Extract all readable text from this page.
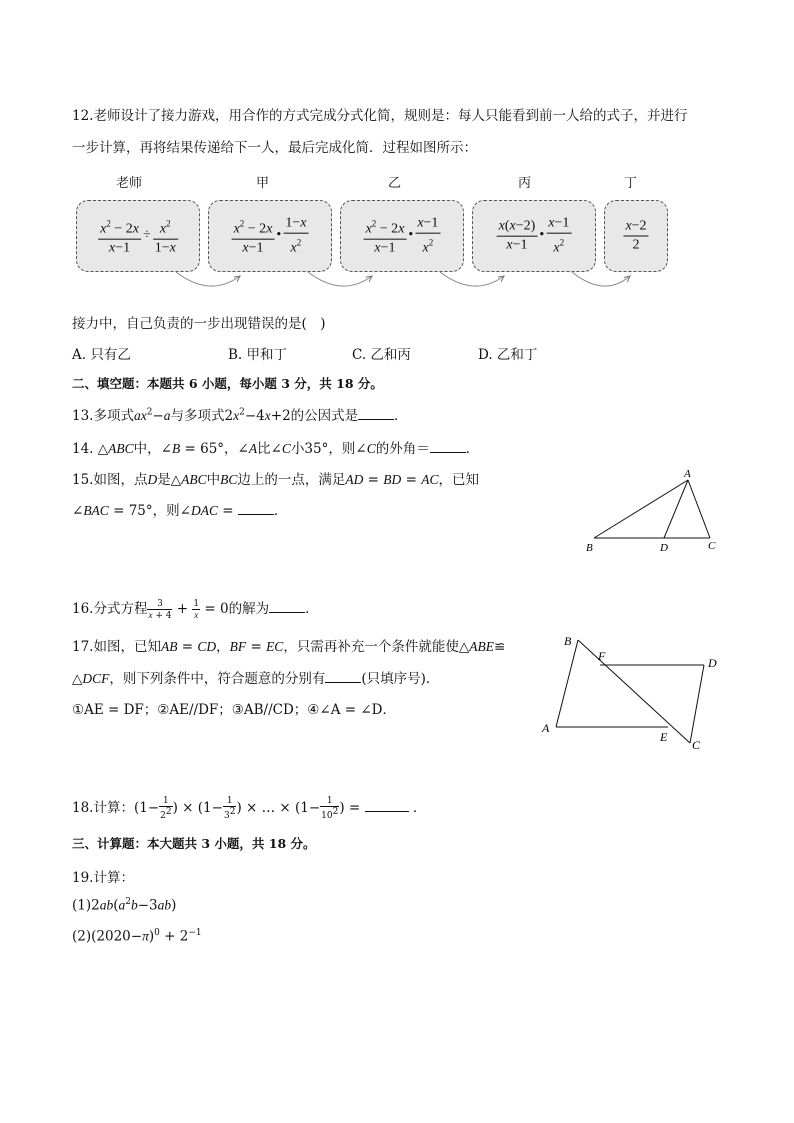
12.老师设计了接力游戏，用合作的方式完成分式化简，规则是：每人只能看到前一人给的式子，并进行
一步计算，再将结果传递给下一人，最后完成化简．过程如图所示：
老师	甲	乙	丙	丁
$\frac{x^2 - 2x}{x-1} \div \frac{x^2}{1-x}$	$\frac{x^2 - 2x}{x-1}$ • $\frac{1-x}{x^2}$	$\frac{x^2 - 2x}{x-1}$ • $\frac{x-1}{x^2}$	$\frac{x(x-2)}{x-1}$ • $\frac{x-1}{x^2}$	$\frac{x-2}{2}$
接力中，自己负责的一步出现错误的是(　)
A. 只有乙	B. 甲和丁	C. 乙和丙	D. 乙和丁
二、填空题：本题共 6 小题，每小题 3 分，共 18 分。
13.多项式$ax^2-a$与多项式$2x^2-4x+2$的公因式是	．
14. △ABC中，∠B = 65°，∠A比∠C小35°，则∠C的外角＝	．
15.如图，点D是△ABC中BC边上的一点，满足AD = BD = AC，已知
∠BAC = 75°，则∠DAC =	．
A
B	D	C
16.分式方程 $\frac{3}{x + 4} + \frac{1}{x} = 0$的解为	．
17.如图，已知AB = CD，BF = EC，只需再补充一个条件就能使△ABE≌
△DCF，则下列条件中，符合题意的分别有	(只填序号)．
①AE = DF；②AE//DF；③AB//CD；④∠A = ∠D．
B
F	D
A
E
C
18.计算：($1- \frac{1}{2^2}$ ) × ($1- \frac{1}{3^2}$ ) × … × ($1- \frac{1}{10^2}$ ) =	．
三、计算题：本大题共 3 小题，共 18 分。
19.计算：
$(1)2ab(a^2b-3ab)$
$(2)(2020-\pi)^0 + 2^{-1}$
